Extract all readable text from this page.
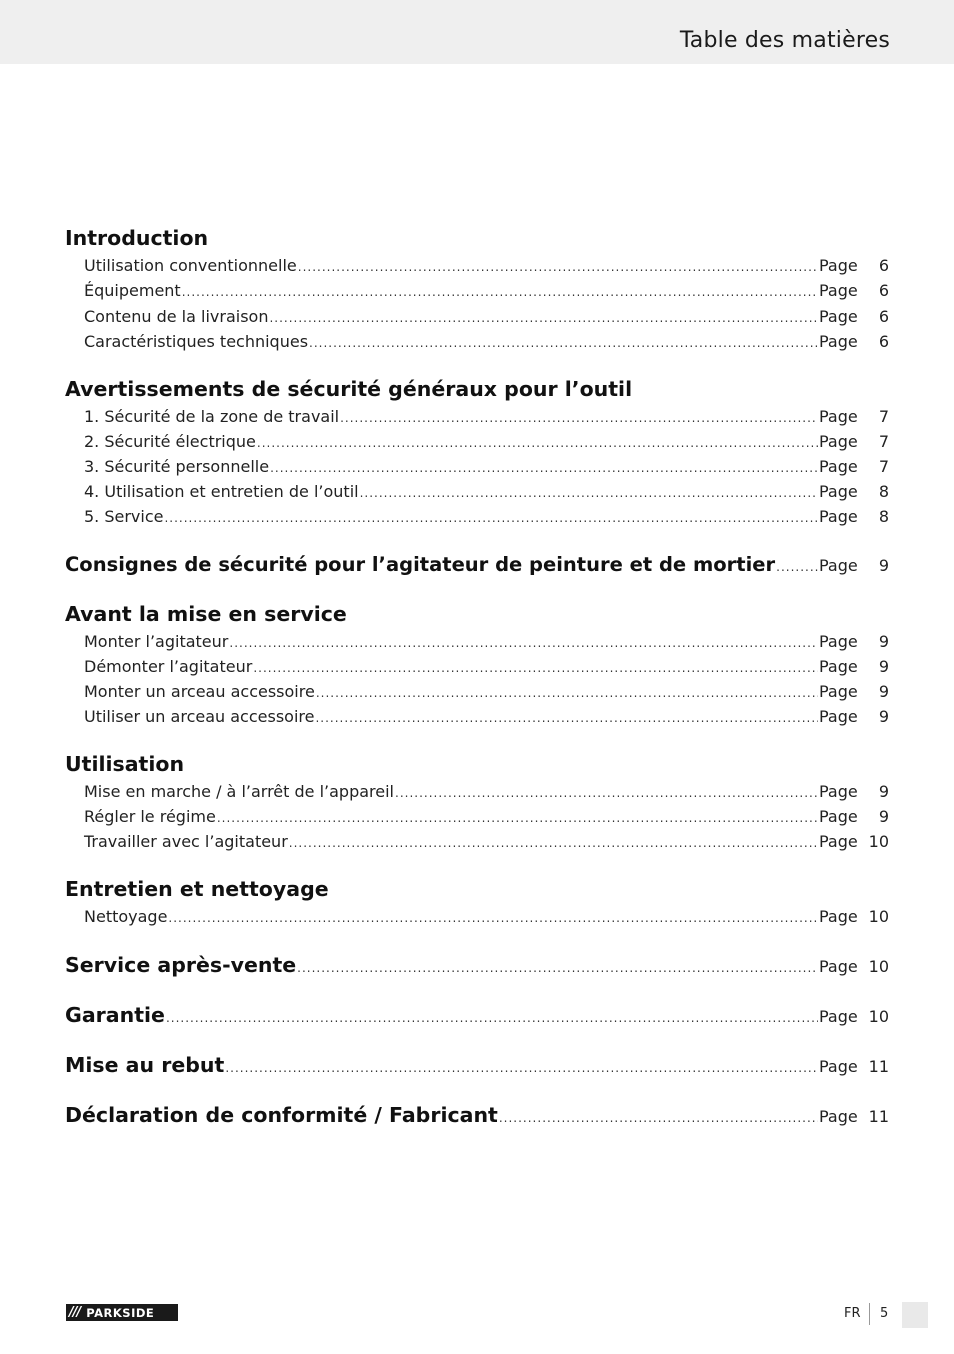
Table des matières
Introduction
Utilisation conventionnelle .....	Page	6
Équipement .....	Page	6
Contenu de la livraison .....	Page	6
Caractéristiques techniques .....	Page	6
Avertissements de sécurité généraux pour l’outil
1. Sécurité de la zone de travail .....	Page	7
2. Sécurité électrique .....	Page	7
3. Sécurité personnelle .....	Page	7
4. Utilisation et entretien de l’outil .....	Page	8
5. Service .....	Page	8
Consignes de sécurité pour l’agitateur de peinture et de mortier .....	Page	9
Avant la mise en service
Monter l’agitateur .....	Page	9
Démonter l’agitateur .....	Page	9
Monter un arceau accessoire .....	Page	9
Utiliser un arceau accessoire .....	Page	9
Utilisation
Mise en marche / à l’arrêt de l’appareil .....	Page	9
Régler le régime .....	Page	9
Travailler avec l’agitateur .....	Page 10
Entretien et nettoyage
Nettoyage .....	Page 10
Service après-vente .....	Page 10
Garantie .....	Page 10
Mise au rebut .....	Page 11
Déclaration de conformité / Fabricant .....	Page 11
/// PARKSIDE	FR 5
